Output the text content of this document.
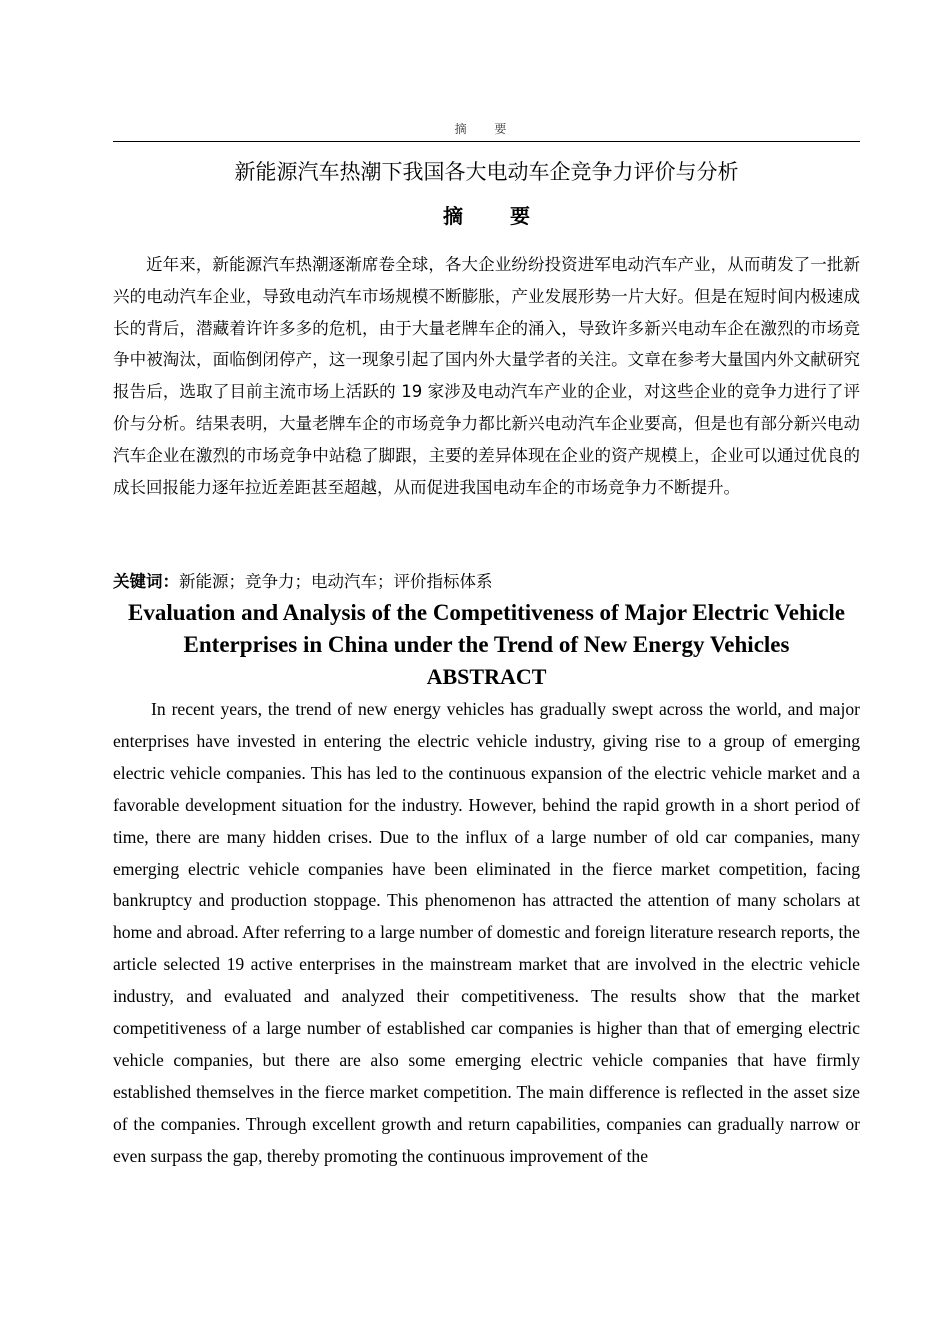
摘 要
新能源汽车热潮下我国各大电动车企竞争力评价与分析
摘 要

近年来，新能源汽车热潮逐渐席卷全球，各大企业纷纷投资进军电动汽车产业，从而萌发了一批新兴的电动汽车企业，导致电动汽车市场规模不断膨胀，产业发展形势一片大好。但是在短时间内极速成长的背后，潜藏着许许多多的危机，由于大量老牌车企的涌入，导致许多新兴电动车企在激烈的市场竞争中被淘汰，面临倒闭停产，这一现象引起了国内外大量学者的关注。文章在参考大量国内外文献研究报告后，选取了目前主流市场上活跃的 19 家涉及电动汽车产业的企业，对这些企业的竞争力进行了评价与分析。结果表明，大量老牌车企的市场竞争力都比新兴电动汽车企业要高，但是也有部分新兴电动汽车企业在激烈的市场竞争中站稳了脚跟，主要的差异体现在企业的资产规模上，企业可以通过优良的成长回报能力逐年拉近差距甚至超越，从而促进我国电动车企的市场竞争力不断提升。

关键词：新能源；竞争力；电动汽车；评价指标体系
Evaluation and Analysis of the Competitiveness of Major Electric Vehicle Enterprises in China under the Trend of New Energy Vehicles
ABSTRACT

In recent years, the trend of new energy vehicles has gradually swept across the world, and major enterprises have invested in entering the electric vehicle industry, giving rise to a group of emerging electric vehicle companies. This has led to the continuous expansion of the electric vehicle market and a favorable development situation for the industry. However, behind the rapid growth in a short period of time, there are many hidden crises. Due to the influx of a large number of old car companies, many emerging electric vehicle companies have been eliminated in the fierce market competition, facing bankruptcy and production stoppage. This phenomenon has attracted the attention of many scholars at home and abroad. After referring to a large number of domestic and foreign literature research reports, the article selected 19 active enterprises in the mainstream market that are involved in the electric vehicle industry, and evaluated and analyzed their competitiveness. The results show that the market competitiveness of a large number of established car companies is higher than that of emerging electric vehicle companies, but there are also some emerging electric vehicle companies that have firmly established themselves in the fierce market competition. The main difference is reflected in the asset size of the companies. Through excellent growth and return capabilities, companies can gradually narrow or even surpass the gap, thereby promoting the continuous improvement of the
